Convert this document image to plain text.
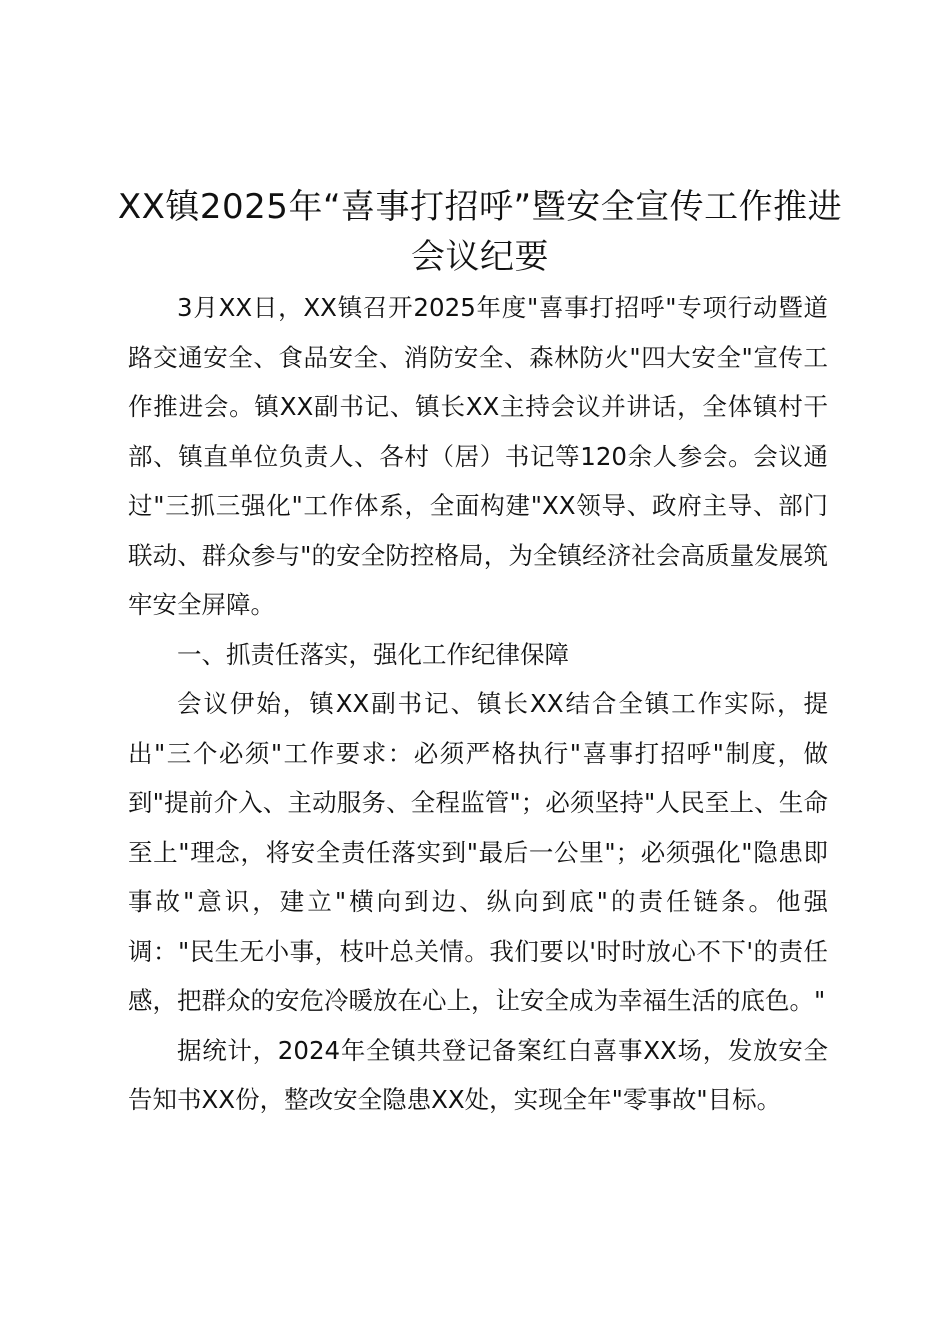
XX镇2025年“喜事打招呼”暨安全宣传工作推进会议纪要

3月XX日，XX镇召开2025年度"喜事打招呼"专项行动暨道路交通安全、食品安全、消防安全、森林防火"四大安全"宣传工作推进会。镇XX副书记、镇长XX主持会议并讲话，全体镇村干部、镇直单位负责人、各村（居）书记等120余人参会。会议通过"三抓三强化"工作体系，全面构建"XX领导、政府主导、部门联动、群众参与"的安全防控格局，为全镇经济社会高质量发展筑牢安全屏障。

一、抓责任落实，强化工作纪律保障

会议伊始，镇XX副书记、镇长XX结合全镇工作实际，提出"三个必须"工作要求：必须严格执行"喜事打招呼"制度，做到"提前介入、主动服务、全程监管"；必须坚持"人民至上、生命至上"理念，将安全责任落实到"最后一公里"；必须强化"隐患即事故"意识，建立"横向到边、纵向到底"的责任链条。他强调："民生无小事，枝叶总关情。我们要以'时时放心不下'的责任感，把群众的安危冷暖放在心上，让安全成为幸福生活的底色。"

据统计，2024年全镇共登记备案红白喜事XX场，发放安全告知书XX份，整改安全隐患XX处，实现全年"零事故"目标。
